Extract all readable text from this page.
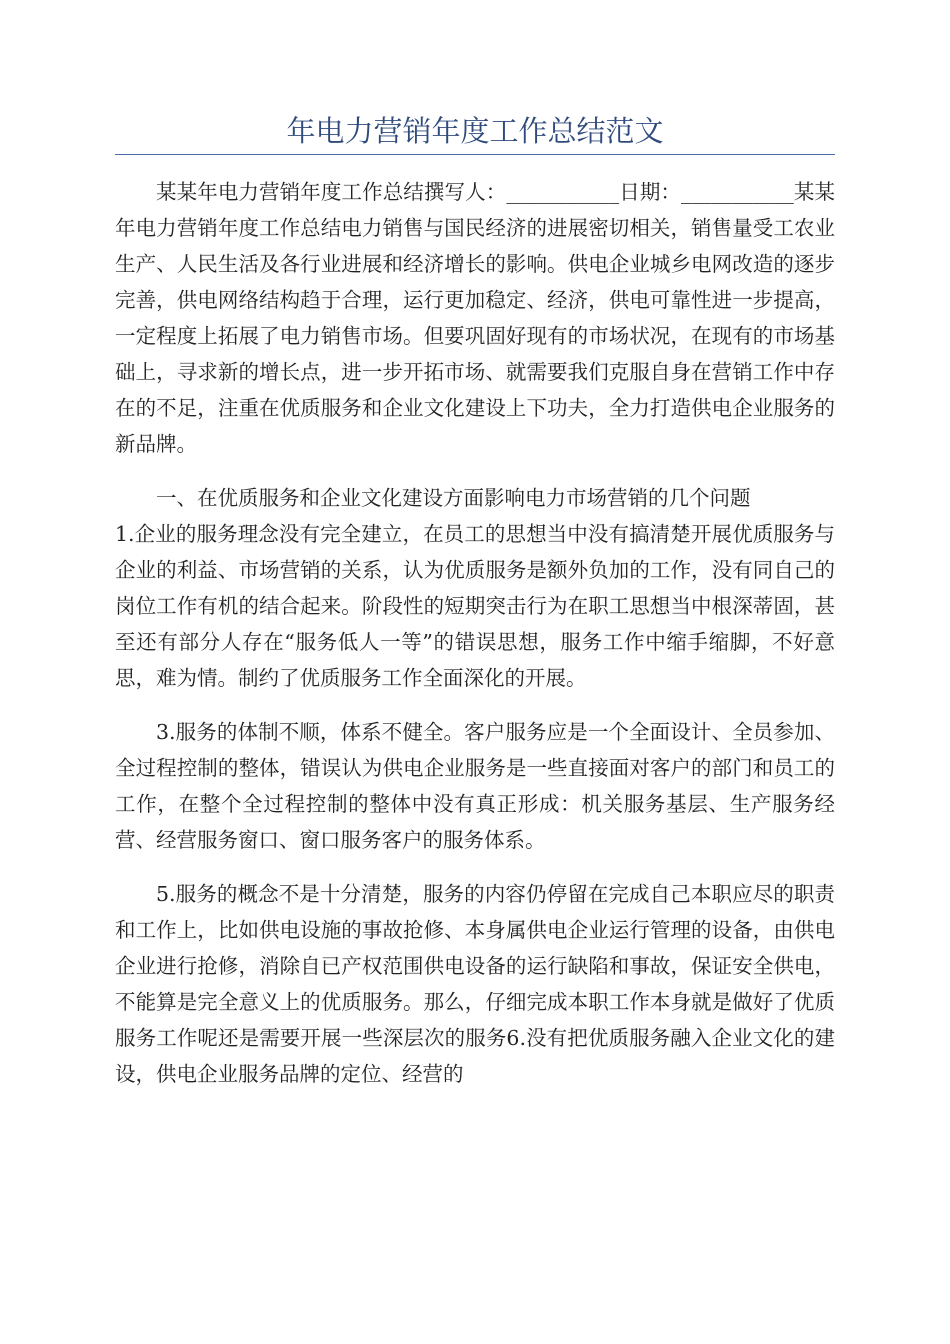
年电力营销年度工作总结范文

某某年电力营销年度工作总结撰写人：___________日期：___________某某年电力营销年度工作总结电力销售与国民经济的进展密切相关，销售量受工农业生产、人民生活及各行业进展和经济增长的影响。供电企业城乡电网改造的逐步完善，供电网络结构趋于合理，运行更加稳定、经济，供电可靠性进一步提高，一定程度上拓展了电力销售市场。但要巩固好现有的市场状况，在现有的市场基础上，寻求新的增长点，进一步开拓市场、就需要我们克服自身在营销工作中存在的不足，注重在优质服务和企业文化建设上下功夫，全力打造供电企业服务的新品牌。

一、在优质服务和企业文化建设方面影响电力市场营销的几个问题

1.企业的服务理念没有完全建立，在员工的思想当中没有搞清楚开展优质服务与企业的利益、市场营销的关系，认为优质服务是额外负加的工作，没有同自己的岗位工作有机的结合起来。阶段性的短期突击行为在职工思想当中根深蒂固，甚至还有部分人存在“服务低人一等”的错误思想，服务工作中缩手缩脚，不好意思，难为情。制约了优质服务工作全面深化的开展。

3.服务的体制不顺，体系不健全。客户服务应是一个全面设计、全员参加、全过程控制的整体，错误认为供电企业服务是一些直接面对客户的部门和员工的工作，在整个全过程控制的整体中没有真正形成：机关服务基层、生产服务经营、经营服务窗口、窗口服务客户的服务体系。

5.服务的概念不是十分清楚，服务的内容仍停留在完成自己本职应尽的职责和工作上，比如供电设施的事故抢修、本身属供电企业运行管理的设备，由供电企业进行抢修，消除自已产权范围供电设备的运行缺陷和事故，保证安全供电，不能算是完全意义上的优质服务。那么，仔细完成本职工作本身就是做好了优质服务工作呢还是需要开展一些深层次的服务6.没有把优质服务融入企业文化的建设，供电企业服务品牌的定位、经营的
